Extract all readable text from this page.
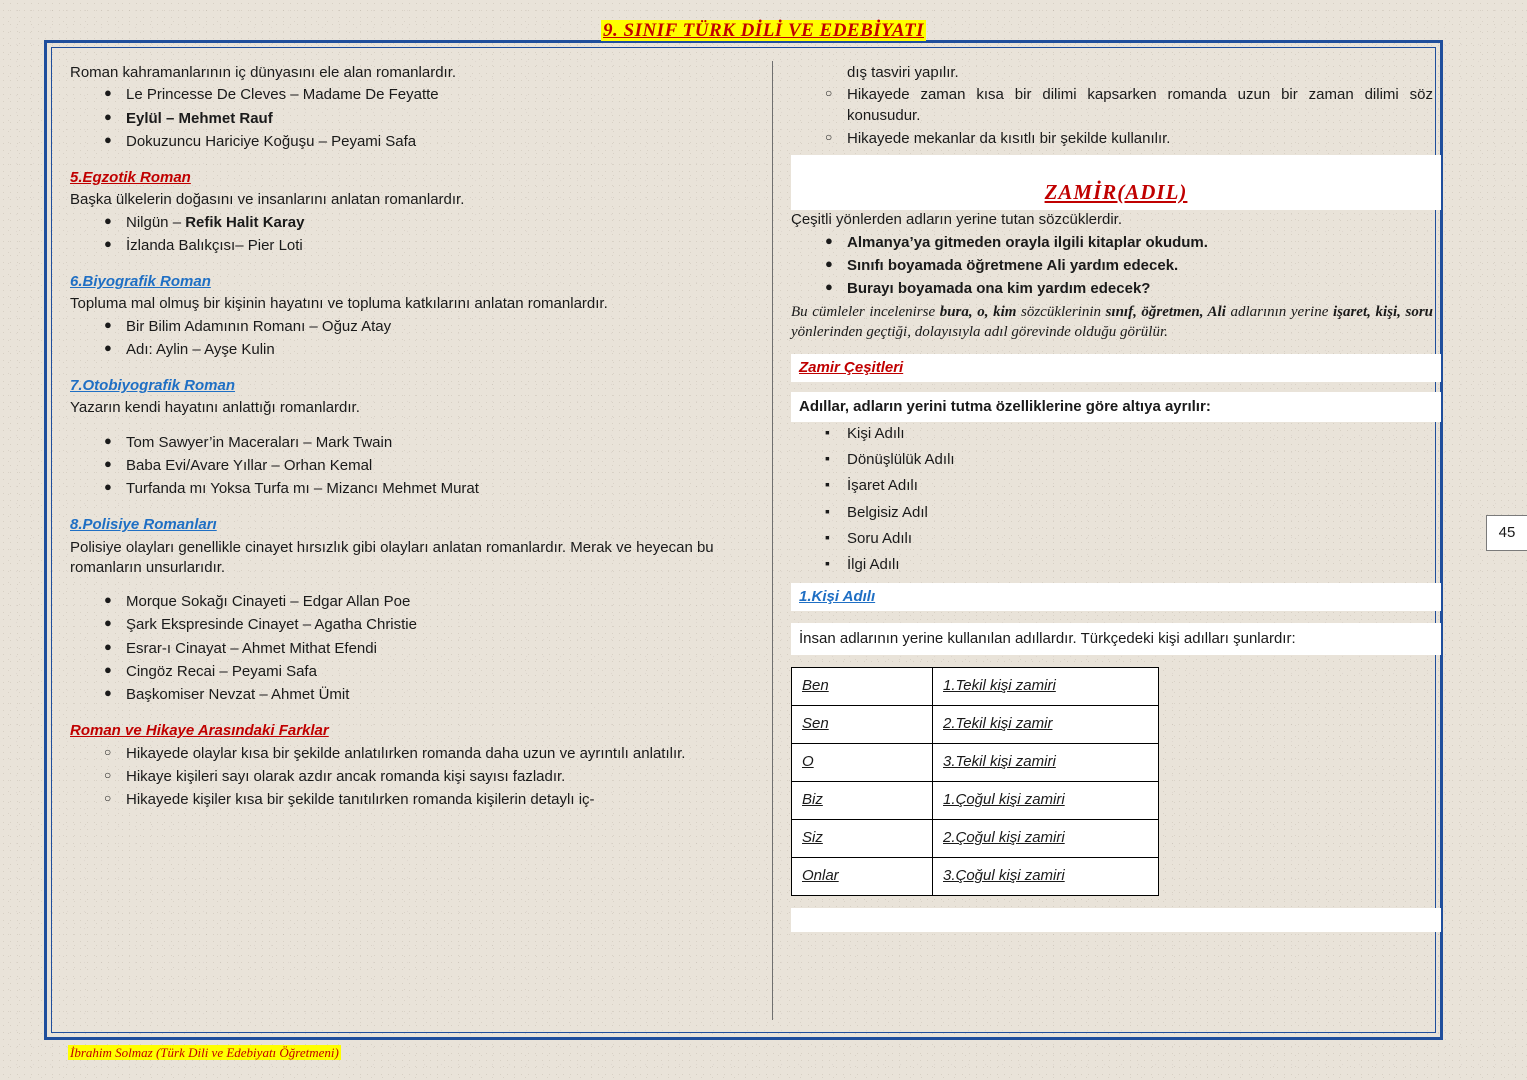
9. SINIF TÜRK DİLİ VE EDEBİYATI

Roman kahramanlarının iç dünyasını ele alan romanlardır.

● Le Princesse De Cleves – Madame De Feyatte
● Eylül – Mehmet Rauf
● Dokuzuncu Hariciye Koğuşu – Peyami Safa
5.Egzotik Roman

Başka ülkelerin doğasını ve insanlarını anlatan romanlardır.

● Nilgün – Refik Halit Karay
● İzlanda Balıkçısı– Pier Loti
6.Biyografik Roman

Topluma mal olmuş bir kişinin hayatını ve topluma katkılarını anlatan romanlardır.

● Bir Bilim Adamının Romanı – Oğuz Atay
● Adı: Aylin – Ayşe Kulin
7.Otobiyografik Roman

Yazarın kendi hayatını anlattığı romanlardır.

● Tom Sawyer’in Maceraları – Mark Twain
● Baba Evi/Avare Yıllar – Orhan Kemal
● Turfanda mı Yoksa Turfa mı – Mizancı Mehmet Murat
8.Polisiye Romanları

Polisiye olayları genellikle cinayet hırsızlık gibi olayları anlatan romanlardır. Merak ve heyecan bu romanların unsurlarıdır.

● Morque Sokağı Cinayeti – Edgar Allan Poe
● Şark Ekspresinde Cinayet – Agatha Christie
● Esrar-ı Cinayat – Ahmet Mithat Efendi
● Cingöz Recai – Peyami Safa
● Başkomiser Nevzat – Ahmet Ümit
Roman ve Hikaye Arasındaki Farklar
○ Hikayede olaylar kısa bir şekilde anlatılırken romanda daha uzun ve ayrıntılı anlatılır.
○ Hikaye kişileri sayı olarak azdır ancak romanda kişi sayısı fazladır.
○ Hikayede kişiler kısa bir şekilde tanıtılırken romanda kişilerin detaylı iç-

dış tasviri yapılır.

○ Hikayede zaman kısa bir dilimi kapsarken romanda uzun bir zaman dilimi söz konusudur.
○ Hikayede mekanlar da kısıtlı bir şekilde kullanılır.
ZAMİR(ADIL)

Çeşitli yönlerden adların yerine tutan sözcüklerdir.

● Almanya’ya gitmeden orayla ilgili kitaplar okudum.
● Sınıfı boyamada öğretmene Ali yardım edecek.
● Burayı boyamada ona kim yardım edecek?
Bu cümleler incelenirse bura, o, kim sözcüklerinin sınıf, öğretmen, Ali adlarının yerine işaret, kişi, soru yönlerinden geçtiği, dolayısıyla adıl görevinde olduğu görülür.
Zamir Çeşitleri
Adıllar, adların yerini tutma özelliklerine göre altıya ayrılır:
▪ Kişi Adılı
▪ Dönüşlülük Adılı
▪ İşaret Adılı
▪ Belgisiz Adıl
▪ Soru Adılı
▪ İlgi Adılı
1.Kişi Adılı
İnsan adlarının yerine kullanılan adıllardır. Türkçedeki kişi adılları şunlardır:
Ben	1.Tekil kişi zamiri
Sen	2.Tekil kişi zamir
O	3.Tekil kişi zamiri
Biz	1.Çoğul kişi zamiri
Siz	2.Çoğul kişi zamiri
Onlar	3.Çoğul kişi zamiri
45
İbrahim Solmaz (Türk Dili ve Edebiyatı Öğretmeni)
